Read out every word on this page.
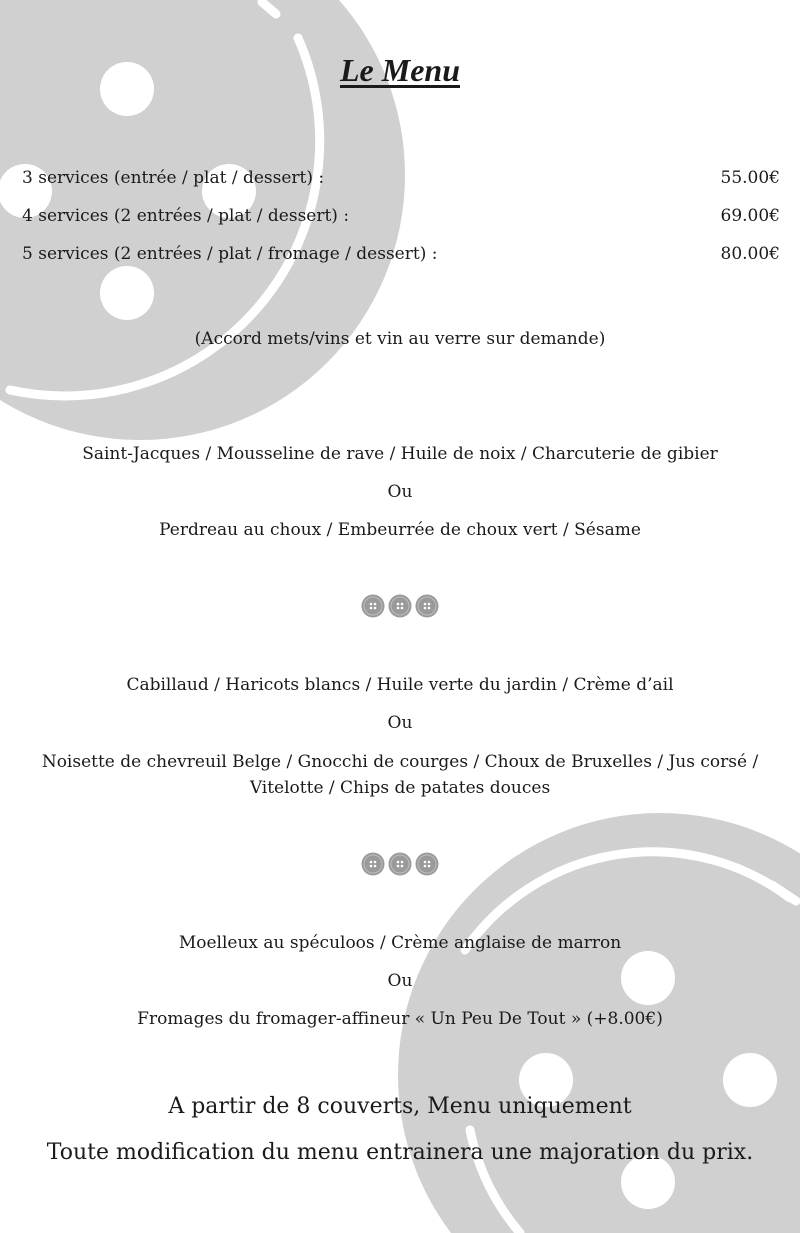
Le Menu
3 services (entrée / plat / dessert) :	55.00€
4 services (2 entrées / plat / dessert) :	69.00€
5 services (2 entrées / plat / fromage / dessert) :	80.00€
(Accord mets/vins et vin au verre sur demande)
Saint-Jacques / Mousseline de rave / Huile de noix / Charcuterie de gibier
Ou
Perdreau au choux / Embeurrée de choux vert / Sésame
Cabillaud / Haricots blancs / Huile verte du jardin / Crème d’ail
Ou
Noisette de chevreuil Belge / Gnocchi de courges / Choux de Bruxelles / Jus corsé /
Vitelotte / Chips de patates douces
Moelleux au spéculoos / Crème anglaise de marron
Ou
Fromages du fromager-affineur « Un Peu De Tout » (+8.00€)
A partir de 8 couverts, Menu uniquement
Toute modification du menu entrainera une majoration du prix.
